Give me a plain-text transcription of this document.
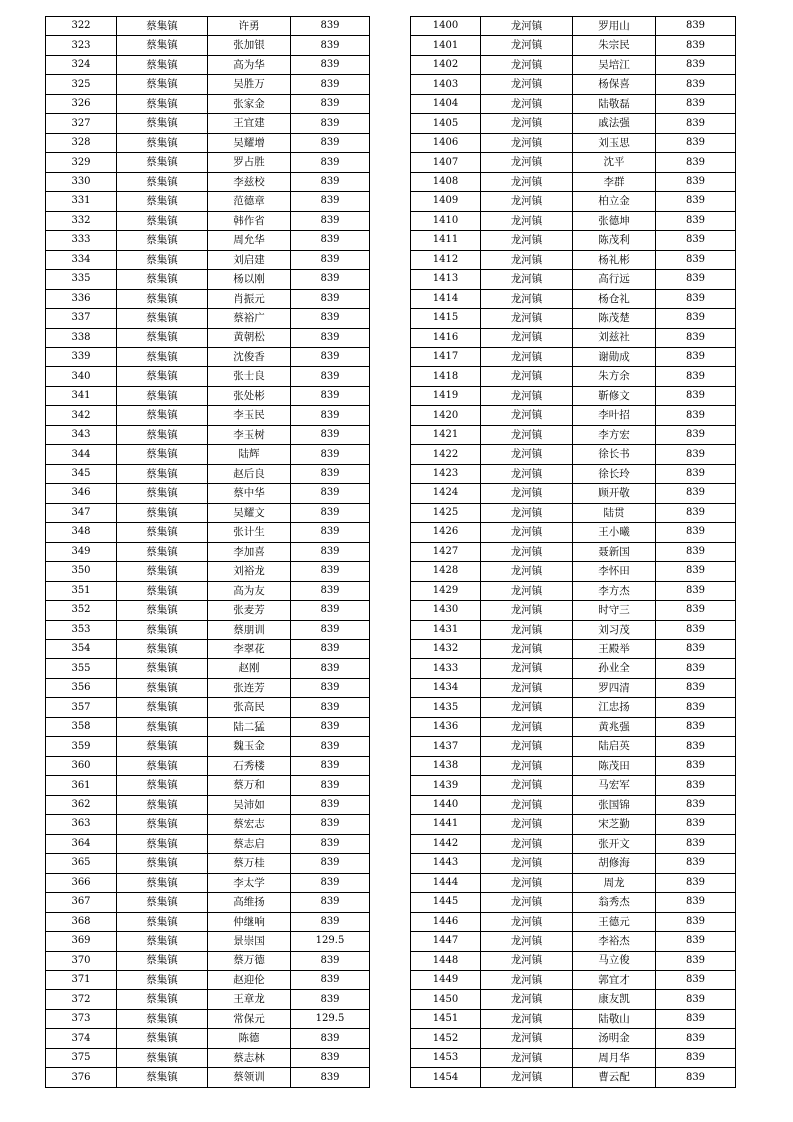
322	蔡集镇	许勇	839
323	蔡集镇	张加银	839
324	蔡集镇	高为华	839
325	蔡集镇	吴胜万	839
326	蔡集镇	张家金	839
327	蔡集镇	王宜建	839
328	蔡集镇	吴耀增	839
329	蔡集镇	罗占胜	839
330	蔡集镇	李兹校	839
331	蔡集镇	范德章	839
332	蔡集镇	韩作省	839
333	蔡集镇	周允华	839
334	蔡集镇	刘启建	839
335	蔡集镇	杨以刚	839
336	蔡集镇	肖振元	839
337	蔡集镇	蔡裕广	839
338	蔡集镇	黄朝松	839
339	蔡集镇	沈俊香	839
340	蔡集镇	张士良	839
341	蔡集镇	张处彬	839
342	蔡集镇	李玉民	839
343	蔡集镇	李玉树	839
344	蔡集镇	陆辉	839
345	蔡集镇	赵后良	839
346	蔡集镇	蔡中华	839
347	蔡集镇	吴耀文	839
348	蔡集镇	张计生	839
349	蔡集镇	李加喜	839
350	蔡集镇	刘裕龙	839
351	蔡集镇	高为友	839
352	蔡集镇	张麦芳	839
353	蔡集镇	蔡朋训	839
354	蔡集镇	李翠花	839
355	蔡集镇	赵刚	839
356	蔡集镇	张连芳	839
357	蔡集镇	张高民	839
358	蔡集镇	陆二猛	839
359	蔡集镇	魏玉金	839
360	蔡集镇	石秀楼	839
361	蔡集镇	蔡万和	839
362	蔡集镇	吴沛如	839
363	蔡集镇	蔡宏志	839
364	蔡集镇	蔡志启	839
365	蔡集镇	蔡万桂	839
366	蔡集镇	李太学	839
367	蔡集镇	高维扬	839
368	蔡集镇	仲继响	839
369	蔡集镇	景崇国	129.5
370	蔡集镇	蔡万德	839
371	蔡集镇	赵迎伦	839
372	蔡集镇	王章龙	839
373	蔡集镇	常保元	129.5
374	蔡集镇	陈德	839
375	蔡集镇	蔡志林	839
376	蔡集镇	蔡领训	839
1400	龙河镇	罗用山	839
1401	龙河镇	朱宗民	839
1402	龙河镇	吴培江	839
1403	龙河镇	杨保喜	839
1404	龙河镇	陆敬磊	839
1405	龙河镇	戚法强	839
1406	龙河镇	刘玉思	839
1407	龙河镇	沈平	839
1408	龙河镇	李群	839
1409	龙河镇	柏立金	839
1410	龙河镇	张德坤	839
1411	龙河镇	陈茂利	839
1412	龙河镇	杨礼彬	839
1413	龙河镇	高行远	839
1414	龙河镇	杨仓礼	839
1415	龙河镇	陈茂楚	839
1416	龙河镇	刘兹社	839
1417	龙河镇	谢勋成	839
1418	龙河镇	朱方余	839
1419	龙河镇	靳修文	839
1420	龙河镇	李叶招	839
1421	龙河镇	李方宏	839
1422	龙河镇	徐长书	839
1423	龙河镇	徐长玲	839
1424	龙河镇	顾开敬	839
1425	龙河镇	陆贯	839
1426	龙河镇	王小曦	839
1427	龙河镇	聂新国	839
1428	龙河镇	李怀田	839
1429	龙河镇	李方杰	839
1430	龙河镇	时守三	839
1431	龙河镇	刘习茂	839
1432	龙河镇	王殿举	839
1433	龙河镇	孙业全	839
1434	龙河镇	罗四清	839
1435	龙河镇	江忠扬	839
1436	龙河镇	黄兆强	839
1437	龙河镇	陆启英	839
1438	龙河镇	陈茂田	839
1439	龙河镇	马宏军	839
1440	龙河镇	张国锦	839
1441	龙河镇	宋芝勤	839
1442	龙河镇	张开文	839
1443	龙河镇	胡修海	839
1444	龙河镇	周龙	839
1445	龙河镇	翁秀杰	839
1446	龙河镇	王德元	839
1447	龙河镇	李裕杰	839
1448	龙河镇	马立俊	839
1449	龙河镇	郭宜才	839
1450	龙河镇	康友凯	839
1451	龙河镇	陆敬山	839
1452	龙河镇	汤明金	839
1453	龙河镇	周月华	839
1454	龙河镇	曹云配	839
